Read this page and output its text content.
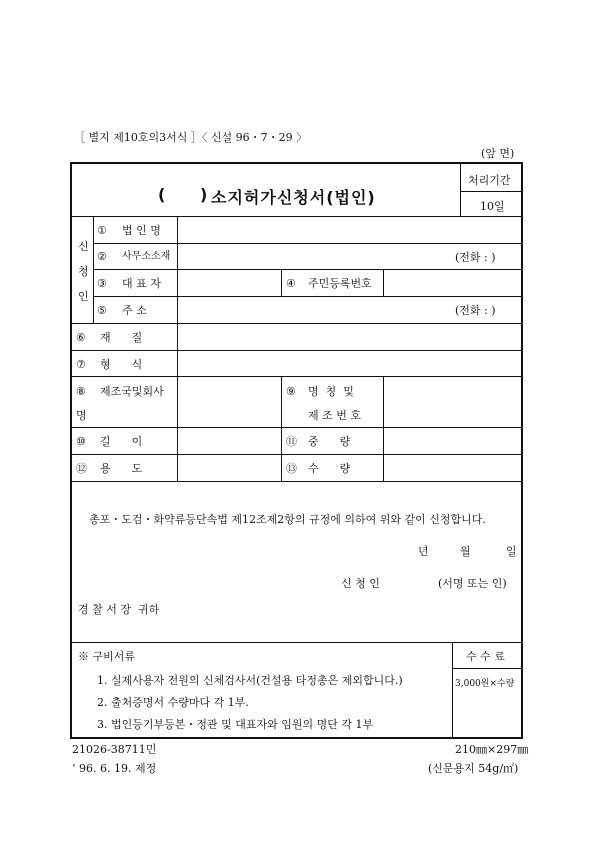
［ 별지 제10호의3서식 ］〈 신설 96・7・29 〉
(앞 면)
( ) 소지허가신청서(법인)
처리기간
10일
신
청
인
① 법 인 명
② 사무소소재	(전화 : )
③ 대 표 자	④ 주민등록번호
⑤ 주 소	(전화 : )
⑥ 재      질
⑦ 형      식
⑧ 제조국및회사
명
⑨ 명  칭  및
제 조 번 호
⑩ 길      이	⑪ 중      량
⑫ 용      도	⑬ 수      량
총포・도검・화약류등단속법 제12조제2항의 규정에 의하여 위와 같이 신청합니다.
년	월	일
신 청 인	(서명 또는 인)
경 찰 서 장  귀하
※ 구비서류
1. 실제사용자 전원의 신체검사서(건설용 타정총은 제외합니다.)
2. 출처증명서 수량마다 각 1부.
3. 법인등기부등본・정관 및 대표자와 임원의 명단 각 1부
수 수 료
3,000원×수량
21026-38711민
’ 96. 6. 19. 제정
210㎜×297㎜
(신문용지 54g/㎡)
